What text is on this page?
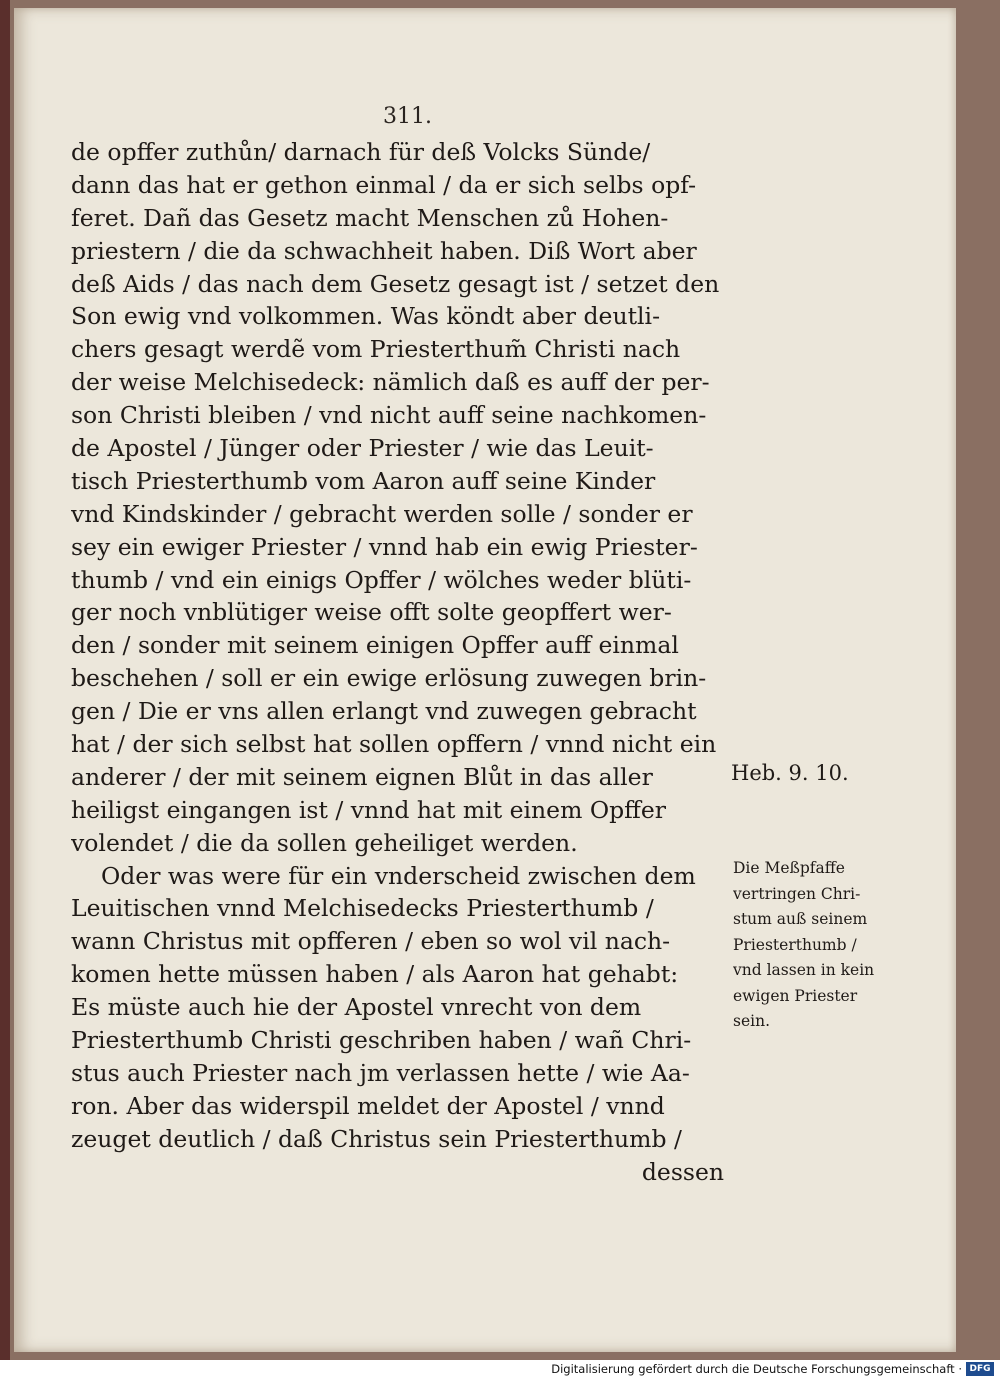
311.
de opffer zuthůn/ darnach für deß Volcks Sünde/
dann das hat er gethon einmal / da er sich selbs opf-
feret. Dañ das Gesetz macht Menschen zů Hohen-
priestern / die da schwachheit haben. Diß Wort aber
deß Aids / das nach dem Gesetz gesagt ist / setzet den
Son ewig vnd volkommen. Was köndt aber deutli-
chers gesagt werdẽ vom Priesterthum̃ Christi nach
der weise Melchisedeck: nämlich daß es auff der per-
son Christi bleiben / vnd nicht auff seine nachkomen-
de Apostel / Jünger oder Priester / wie das Leuit-
tisch Priesterthumb vom Aaron auff seine Kinder
vnd Kindskinder / gebracht werden solle / sonder er
sey ein ewiger Priester / vnnd hab ein ewig Priester-
thumb / vnd ein einigs Opffer / wölches weder blüti-
ger noch vnblütiger weise offt solte geopffert wer-
den / sonder mit seinem einigen Opffer auff einmal
beschehen / soll er ein ewige erlösung zuwegen brin-
gen / Die er vns allen erlangt vnd zuwegen gebracht
hat / der sich selbst hat sollen opffern / vnnd nicht ein
anderer / der mit seinem eignen Blůt in das aller
heiligst eingangen ist / vnnd hat mit einem Opffer
volendet / die da sollen geheiliget werden.
Oder was were für ein vnderscheid zwischen dem
Leuitischen vnnd Melchisedecks Priesterthumb /
wann Christus mit opfferen / eben so wol vil nach-
komen hette müssen haben / als Aaron hat gehabt:
Es müste auch hie der Apostel vnrecht von dem
Priesterthumb Christi geschriben haben / wañ Chri-
stus auch Priester nach jm verlassen hette / wie Aa-
ron. Aber das widerspil meldet der Apostel / vnnd
zeuget deutlich / daß Christus sein Priesterthumb /
dessen
Heb. 9. 10.
Die Meßpfaffe
vertringen Chri-
stum auß seinem
Priesterthumb /
vnd lassen in kein
ewigen Priester
sein.
Digitalisierung gefördert durch die Deutsche Forschungsgemeinschaft · DFG
